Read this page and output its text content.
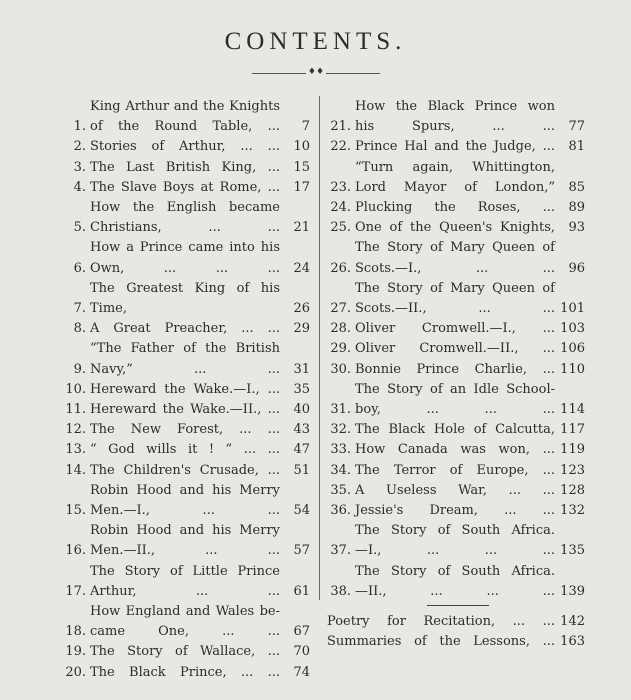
CONTENTS.
♦♦
1.
King Arthur and the Knights
of the Round Table, ...	7
2. Stories of Arthur, ... ...	10
3. The Last British King, ...	15
4. The Slave Boys at Rome, ...	17
5.
How the English became
Christians, ... ...	21
6.
How a Prince came into his
Own, ... ... ...	24
7.
The Greatest King of his Time,	26
8. A Great Preacher, ... ...	29
9.
“The Father of the British
Navy,” ... ...	31
10. Hereward the Wake.—I., ...	35
11. Hereward the Wake.—II., ...	40
12. The New Forest, ... ...	43
13. “ God wills it ! ” ... ...	47
14. The Children's Crusade, ...	51
15.
Robin Hood and his Merry
Men.—I., ... ...	54
16.
Robin Hood and his Merry
Men.—II., ... ...	57
17.
The Story of Little Prince
Arthur, ... ...	61
18.
How England and Wales be-
came One, ... ...	67
19. The Story of Wallace, ...	70
20. The Black Prince, ... ...	74
21.
How the Black Prince won
his Spurs, ... ...	77
22. Prince Hal and the Judge, ...	81
23.
“Turn again, Whittington,
Lord Mayor of London,”	85
24. Plucking the Roses, ...	89
25. One of the Queen's Knights,	93
26.
The Story of Mary Queen of
Scots.—I., ... ...	96
27.
The Story of Mary Queen of
Scots.—II., ... ... 101
28. Oliver Cromwell.—I., ... 103
29. Oliver Cromwell.—II., ... 106
30. Bonnie Prince Charlie, ... 110
31.
The Story of an Idle School-
boy, ... ... ... 114
32. The Black Hole of Calcutta, 117
33. How Canada was won, ... 119
34. The Terror of Europe, ... 123
35. A Useless War, ... ... 128
36. Jessie's Dream, ... ... 132
37.
The Story of South Africa.
—I., ... ... ... 135
38.
The Story of South Africa.
—II., ... ... ... 139
Poetry for Recitation, ... ... 142
Summaries of the Lessons, ... 163
